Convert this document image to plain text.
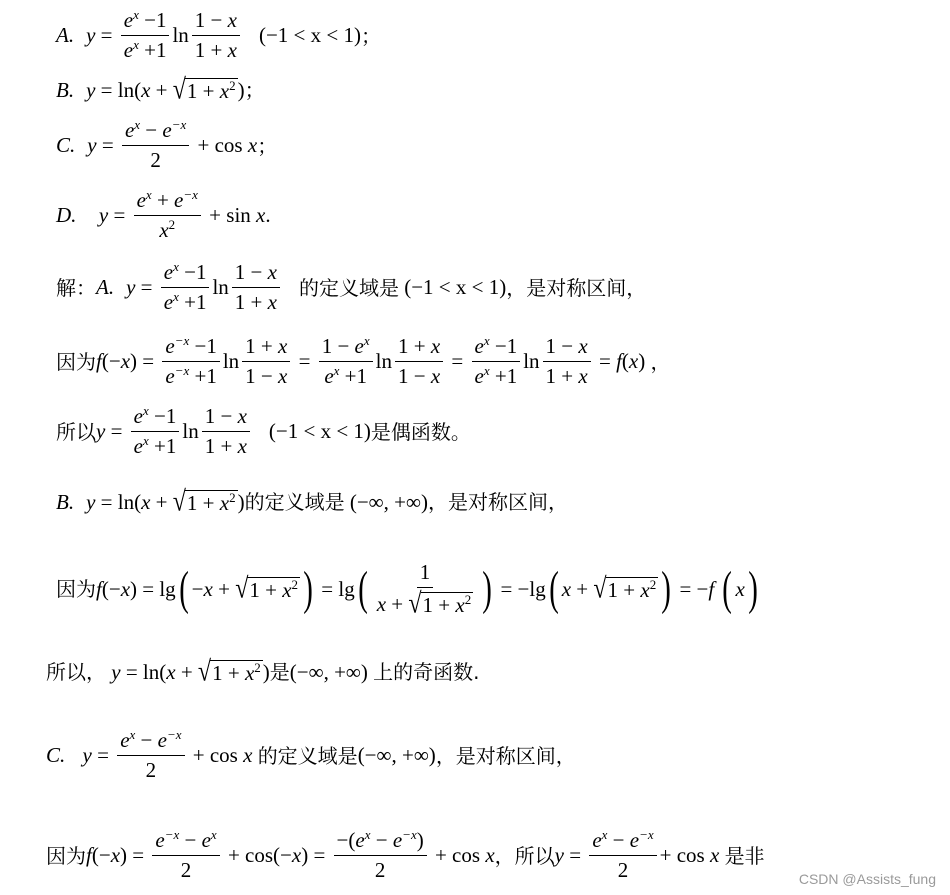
A. $y = \frac{e^x -1}{e^x +1}$ $\ln \frac{1 - x}{1 + x} (-1 < x < 1)$ ；
B. y = ln( x + √ $1 + x^2$ ) ；
C. $y = \frac{e^x - e^{-x}}{2} + \cos x$ ；
D.
$y = \frac{e^x + e^{-x}}{x^2} + \sin x$ .
解： A. $y = \frac{e^x -1}{e^x +1}$ $\ln \frac{1 - x}{1 + x}$ 的定义域是
(−1 < x < 1) ，是对称区间，
因为 f (− x ) = $\frac{e^{-x} -1}{e^{-x} +1}$ $\ln \frac{1 + x}{1 - x} = \frac{1 - e^x}{e^x +1}$ $\ln \frac{1 + x}{1 - x} = \frac{e^x -1}{e^x +1}$ $\ln \frac{1 - x}{1 + x} = f$ ( x ) ，
所以 $y = \frac{e^x -1}{e^x +1}$ $\ln \frac{1 - x}{1 + x} (-1 < x < 1)$ 是偶函数。
B. y = ln( x + √ $1 + x^2$ ) 的定义域是
(−∞, +∞) ，是对称区间，
因为 f (− x ) = lg ( − x + √ $1 + x^2$ ) = lg ( $\frac{1}{x + √ 1 + x^2}$ ) = −lg ( x + √ $1 + x^2$ ) = − f
( x )
所以，
y = ln( x + √ $1 + x^2$ ) 是 (−∞, +∞)
上的奇函数.
C.
$y = \frac{e^x - e^{-x}}{2} + \cos x$
的定义域是 (−∞, +∞) ，是对称区间，
因为 f (− x ) = $\frac{e^{-x} - e^x}{2} + \cos(- x$ ) = $\frac{-(e^x - e^{-x})}{2} + \cos x$ ，所以 $y = \frac{e^x - e^{-x}}{2} + \cos x$
是非
CSDN @Assists_fung
